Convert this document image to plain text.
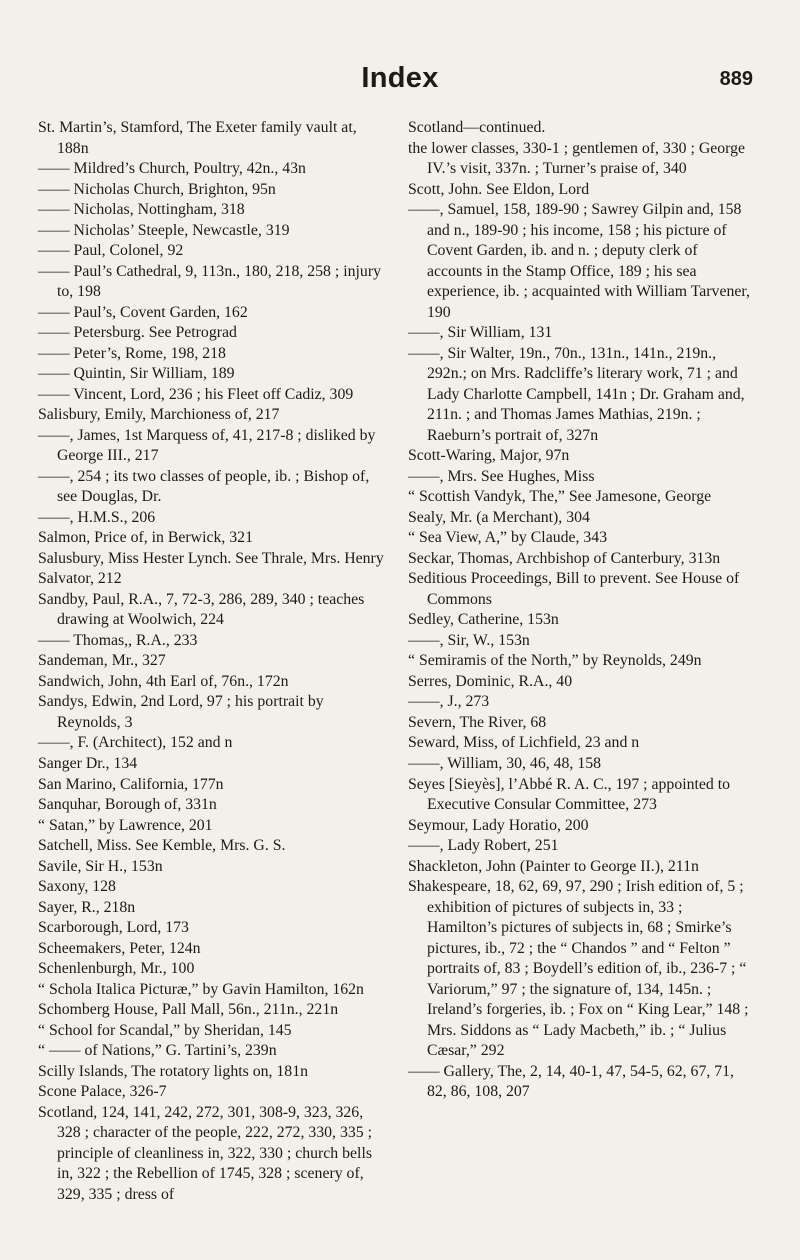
Index	889
St. Martin’s, Stamford, The Exeter family vault at, 188n
—— Mildred’s Church, Poultry, 42n., 43n
—— Nicholas Church, Brighton, 95n
—— Nicholas, Nottingham, 318
—— Nicholas’ Steeple, Newcastle, 319
—— Paul, Colonel, 92
—— Paul’s Cathedral, 9, 113n., 180, 218, 258 ; injury to, 198
—— Paul’s, Covent Garden, 162
—— Petersburg. See Petrograd
—— Peter’s, Rome, 198, 218
—— Quintin, Sir William, 189
—— Vincent, Lord, 236 ; his Fleet off Cadiz, 309
Salisbury, Emily, Marchioness of, 217
——, James, 1st Marquess of, 41, 217-8 ; disliked by George III., 217
——, 254 ; its two classes of people, ib. ; Bishop of, see Douglas, Dr.
——, H.M.S., 206
Salmon, Price of, in Berwick, 321
Salusbury, Miss Hester Lynch. See Thrale, Mrs. Henry
Salvator, 212
Sandby, Paul, R.A., 7, 72-3, 286, 289, 340 ; teaches drawing at Woolwich, 224
—— Thomas,, R.A., 233
Sandeman, Mr., 327
Sandwich, John, 4th Earl of, 76n., 172n
Sandys, Edwin, 2nd Lord, 97 ; his portrait by Reynolds, 3
——, F. (Architect), 152 and n
Sanger Dr., 134
San Marino, California, 177n
Sanquhar, Borough of, 331n
“ Satan,” by Lawrence, 201
Satchell, Miss. See Kemble, Mrs. G. S.
Savile, Sir H., 153n
Saxony, 128
Sayer, R., 218n
Scarborough, Lord, 173
Scheemakers, Peter, 124n
Schenlenburgh, Mr., 100
“ Schola Italica Picturæ,” by Gavin Hamilton, 162n
Schomberg House, Pall Mall, 56n., 211n., 221n
“ School for Scandal,” by Sheridan, 145
“ —— of Nations,” G. Tartini’s, 239n
Scilly Islands, The rotatory lights on, 181n
Scone Palace, 326-7
Scotland, 124, 141, 242, 272, 301, 308-9, 323, 326, 328 ; character of the people, 222, 272, 330, 335 ; principle of cleanliness in, 322, 330 ; church bells in, 322 ; the Rebellion of 1745, 328 ; scenery of, 329, 335 ; dress of
Scotland—continued.
the lower classes, 330-1 ; gentlemen of, 330 ; George IV.’s visit, 337n. ; Turner’s praise of, 340
Scott, John. See Eldon, Lord
——, Samuel, 158, 189-90 ; Sawrey Gilpin and, 158 and n., 189-90 ; his income, 158 ; his picture of Covent Garden, ib. and n. ; deputy clerk of accounts in the Stamp Office, 189 ; his sea experience, ib. ; acquainted with William Tarvener, 190
——, Sir William, 131
——, Sir Walter, 19n., 70n., 131n., 141n., 219n., 292n.; on Mrs. Radcliffe’s literary work, 71 ; and Lady Charlotte Campbell, 141n ; Dr. Graham and, 211n. ; and Thomas James Mathias, 219n. ; Raeburn’s portrait of, 327n
Scott-Waring, Major, 97n
——, Mrs. See Hughes, Miss
“ Scottish Vandyk, The,” See Jamesone, George
Sealy, Mr. (a Merchant), 304
“ Sea View, A,” by Claude, 343
Seckar, Thomas, Archbishop of Canterbury, 313n
Seditious Proceedings, Bill to prevent. See House of Commons
Sedley, Catherine, 153n
——, Sir, W., 153n
“ Semiramis of the North,” by Reynolds, 249n
Serres, Dominic, R.A., 40
——, J., 273
Severn, The River, 68
Seward, Miss, of Lichfield, 23 and n
——, William, 30, 46, 48, 158
Seyes [Sieyès], l’Abbé R. A. C., 197 ; appointed to Executive Consular Committee, 273
Seymour, Lady Horatio, 200
——, Lady Robert, 251
Shackleton, John (Painter to George II.), 211n
Shakespeare, 18, 62, 69, 97, 290 ; Irish edition of, 5 ; exhibition of pictures of subjects in, 33 ; Hamilton’s pictures of subjects in, 68 ; Smirke’s pictures, ib., 72 ; the “ Chandos ” and “ Felton ” portraits of, 83 ; Boydell’s edition of, ib., 236-7 ; “ Variorum,” 97 ; the signature of, 134, 145n. ; Ireland’s forgeries, ib. ; Fox on “ King Lear,” 148 ; Mrs. Siddons as “ Lady Macbeth,” ib. ; “ Julius Cæsar,” 292
—— Gallery, The, 2, 14, 40-1, 47, 54-5, 62, 67, 71, 82, 86, 108, 207
